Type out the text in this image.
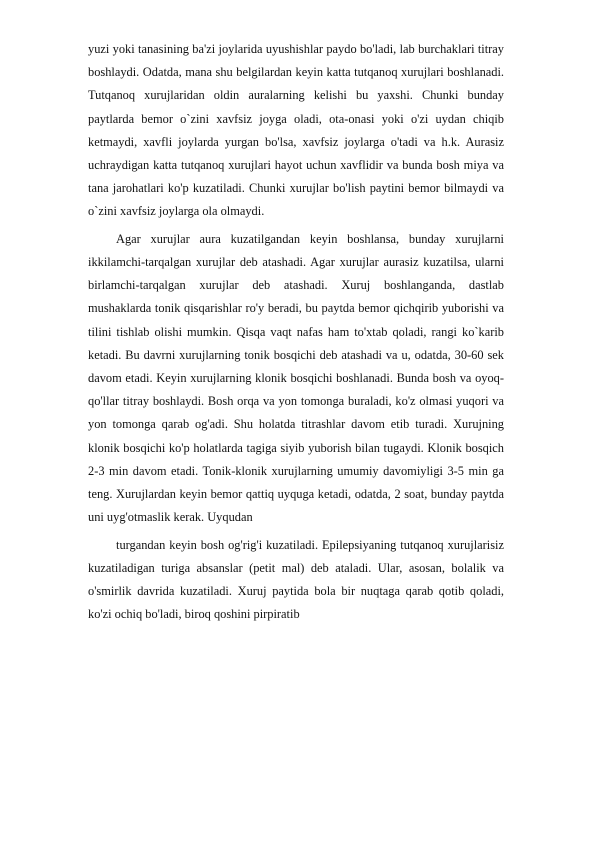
yuzi yoki tanasining ba'zi joylarida uyushishlar paydo bo'ladi, lab burchaklari titray boshlaydi. Odatda, mana shu belgilardan keyin katta tutqanoq xurujlari boshlanadi. Tutqanoq xurujlaridan oldin auralarning kelishi bu yaxshi. Chunki bunday paytlarda bemor o`zini xavfsiz joyga oladi, ota-onasi yoki o'zi uydan chiqib ketmaydi, xavfli joylarda yurgan bo'lsa, xavfsiz joylarga o'tadi va h.k. Aurasiz uchraydigan katta tutqanoq xurujlari hayot uchun xavflidir va bunda bosh miya va tana jarohatlari ko'p kuzatiladi. Chunki xurujlar bo'lish paytini bemor bilmaydi va o`zini xavfsiz joylarga ola olmaydi.

Agar xurujlar aura kuzatilgandan keyin boshlansa, bunday xurujlarni ikkilamchi-tarqalgan xurujlar deb atashadi. Agar xurujlar aurasiz kuzatilsa, ularni birlamchi-tarqalgan xurujlar deb atashadi. Xuruj boshlanganda, dastlab mushaklarda tonik qisqarishlar ro'y beradi, bu paytda bemor qichqirib yuborishi va tilini tishlab olishi mumkin. Qisqa vaqt nafas ham to'xtab qoladi, rangi ko`karib ketadi. Bu davrni xurujlarning tonik bosqichi deb atashadi va u, odatda, 30-60 sek davom etadi. Keyin xurujlarning klonik bosqichi boshlanadi. Bunda bosh va oyoq-qo'llar titray boshlaydi. Bosh orqa va yon tomonga buraladi, ko'z olmasi yuqori va yon tomonga qarab og'adi. Shu holatda titrashlar davom etib turadi. Xurujning klonik bosqichi ko'p holatlarda tagiga siyib yuborish bilan tugaydi. Klonik bosqich 2-3 min davom etadi. Tonik-klonik xurujlarning umumiy davomiyligi 3-5 min ga teng. Xurujlardan keyin bemor qattiq uyquga ketadi, odatda, 2 soat, bunday paytda uni uyg'otmaslik kerak. Uyqudan

turgandan keyin bosh og'rig'i kuzatiladi. Epilepsiyaning tutqanoq xurujlarisiz kuzatiladigan turiga absanslar (petit mal) deb ataladi. Ular, asosan, bolalik va o'smirlik davrida kuzatiladi. Xuruj paytida bola bir nuqtaga qarab qotib qoladi, ko'zi ochiq bo'ladi, biroq qoshini pirpiratib
